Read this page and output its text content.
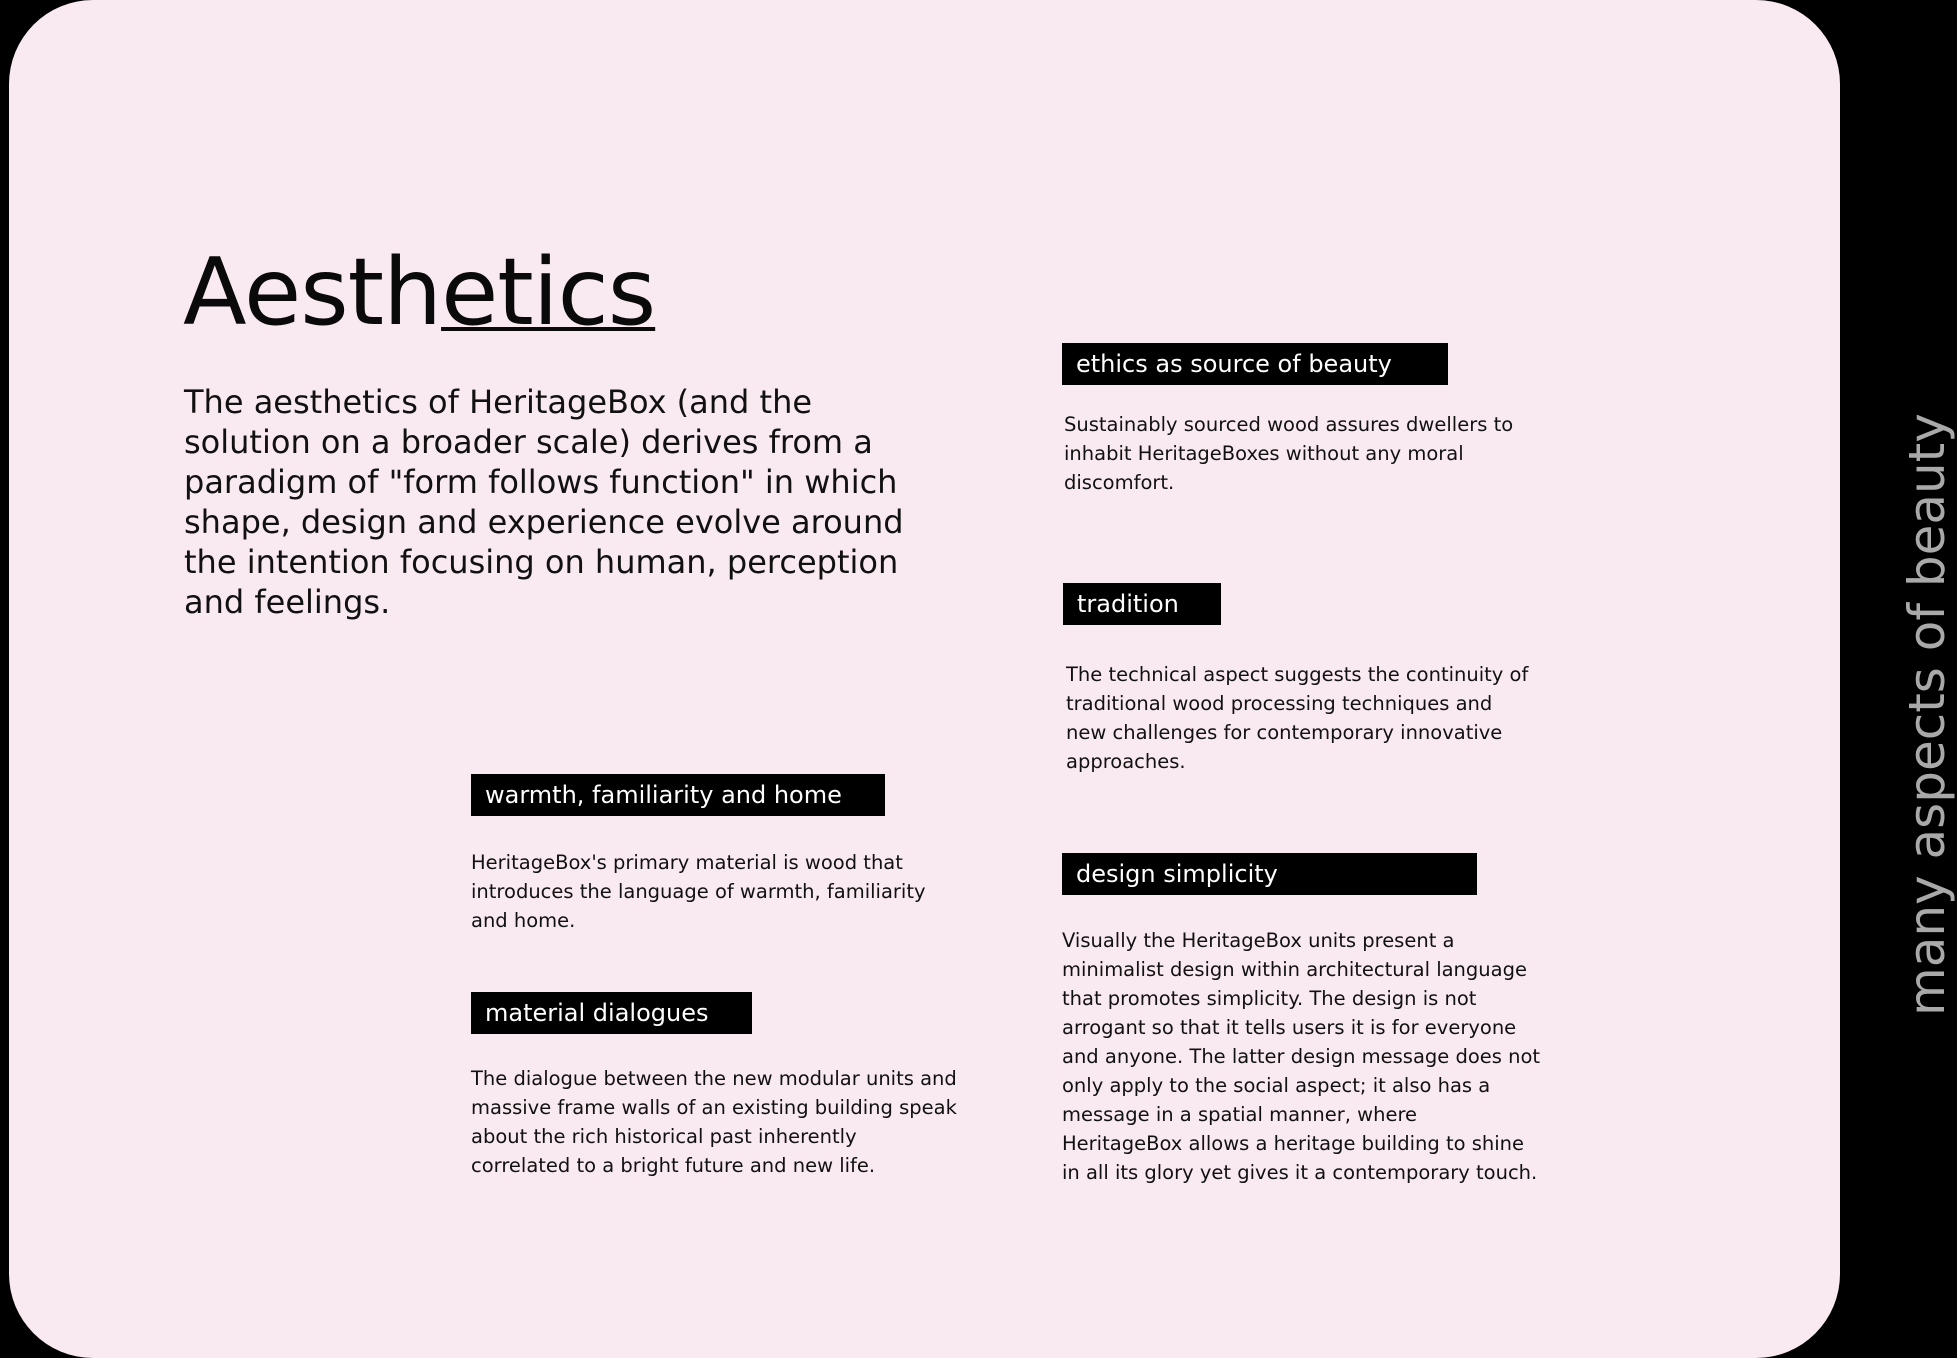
Aesthetics

The aesthetics of HeritageBox (and the solution on a broader scale) derives from a paradigm of "form follows function" in which shape, design and experience evolve around the intention focusing on human, perception and feelings.

ethics as source of beauty

Sustainably sourced wood assures dwellers to inhabit HeritageBoxes without any moral discomfort.

tradition

The technical aspect suggests the continuity of traditional wood processing techniques and new challenges for contemporary innovative approaches.

warmth, familiarity and home

HeritageBox's primary material is wood that introduces the language of warmth, familiarity and home.

design simplicity

Visually the HeritageBox units present a minimalist design within architectural language that promotes simplicity. The design is not arrogant so that it tells users it is for everyone and anyone. The latter design message does not only apply to the social aspect; it also has a message in a spatial manner, where HeritageBox allows a heritage building to shine in all its glory yet gives it a contemporary touch.

material dialogues

The dialogue between the new modular units and massive frame walls of an existing building speak about the rich historical past inherently correlated to a bright future and new life.

many aspects of beauty
